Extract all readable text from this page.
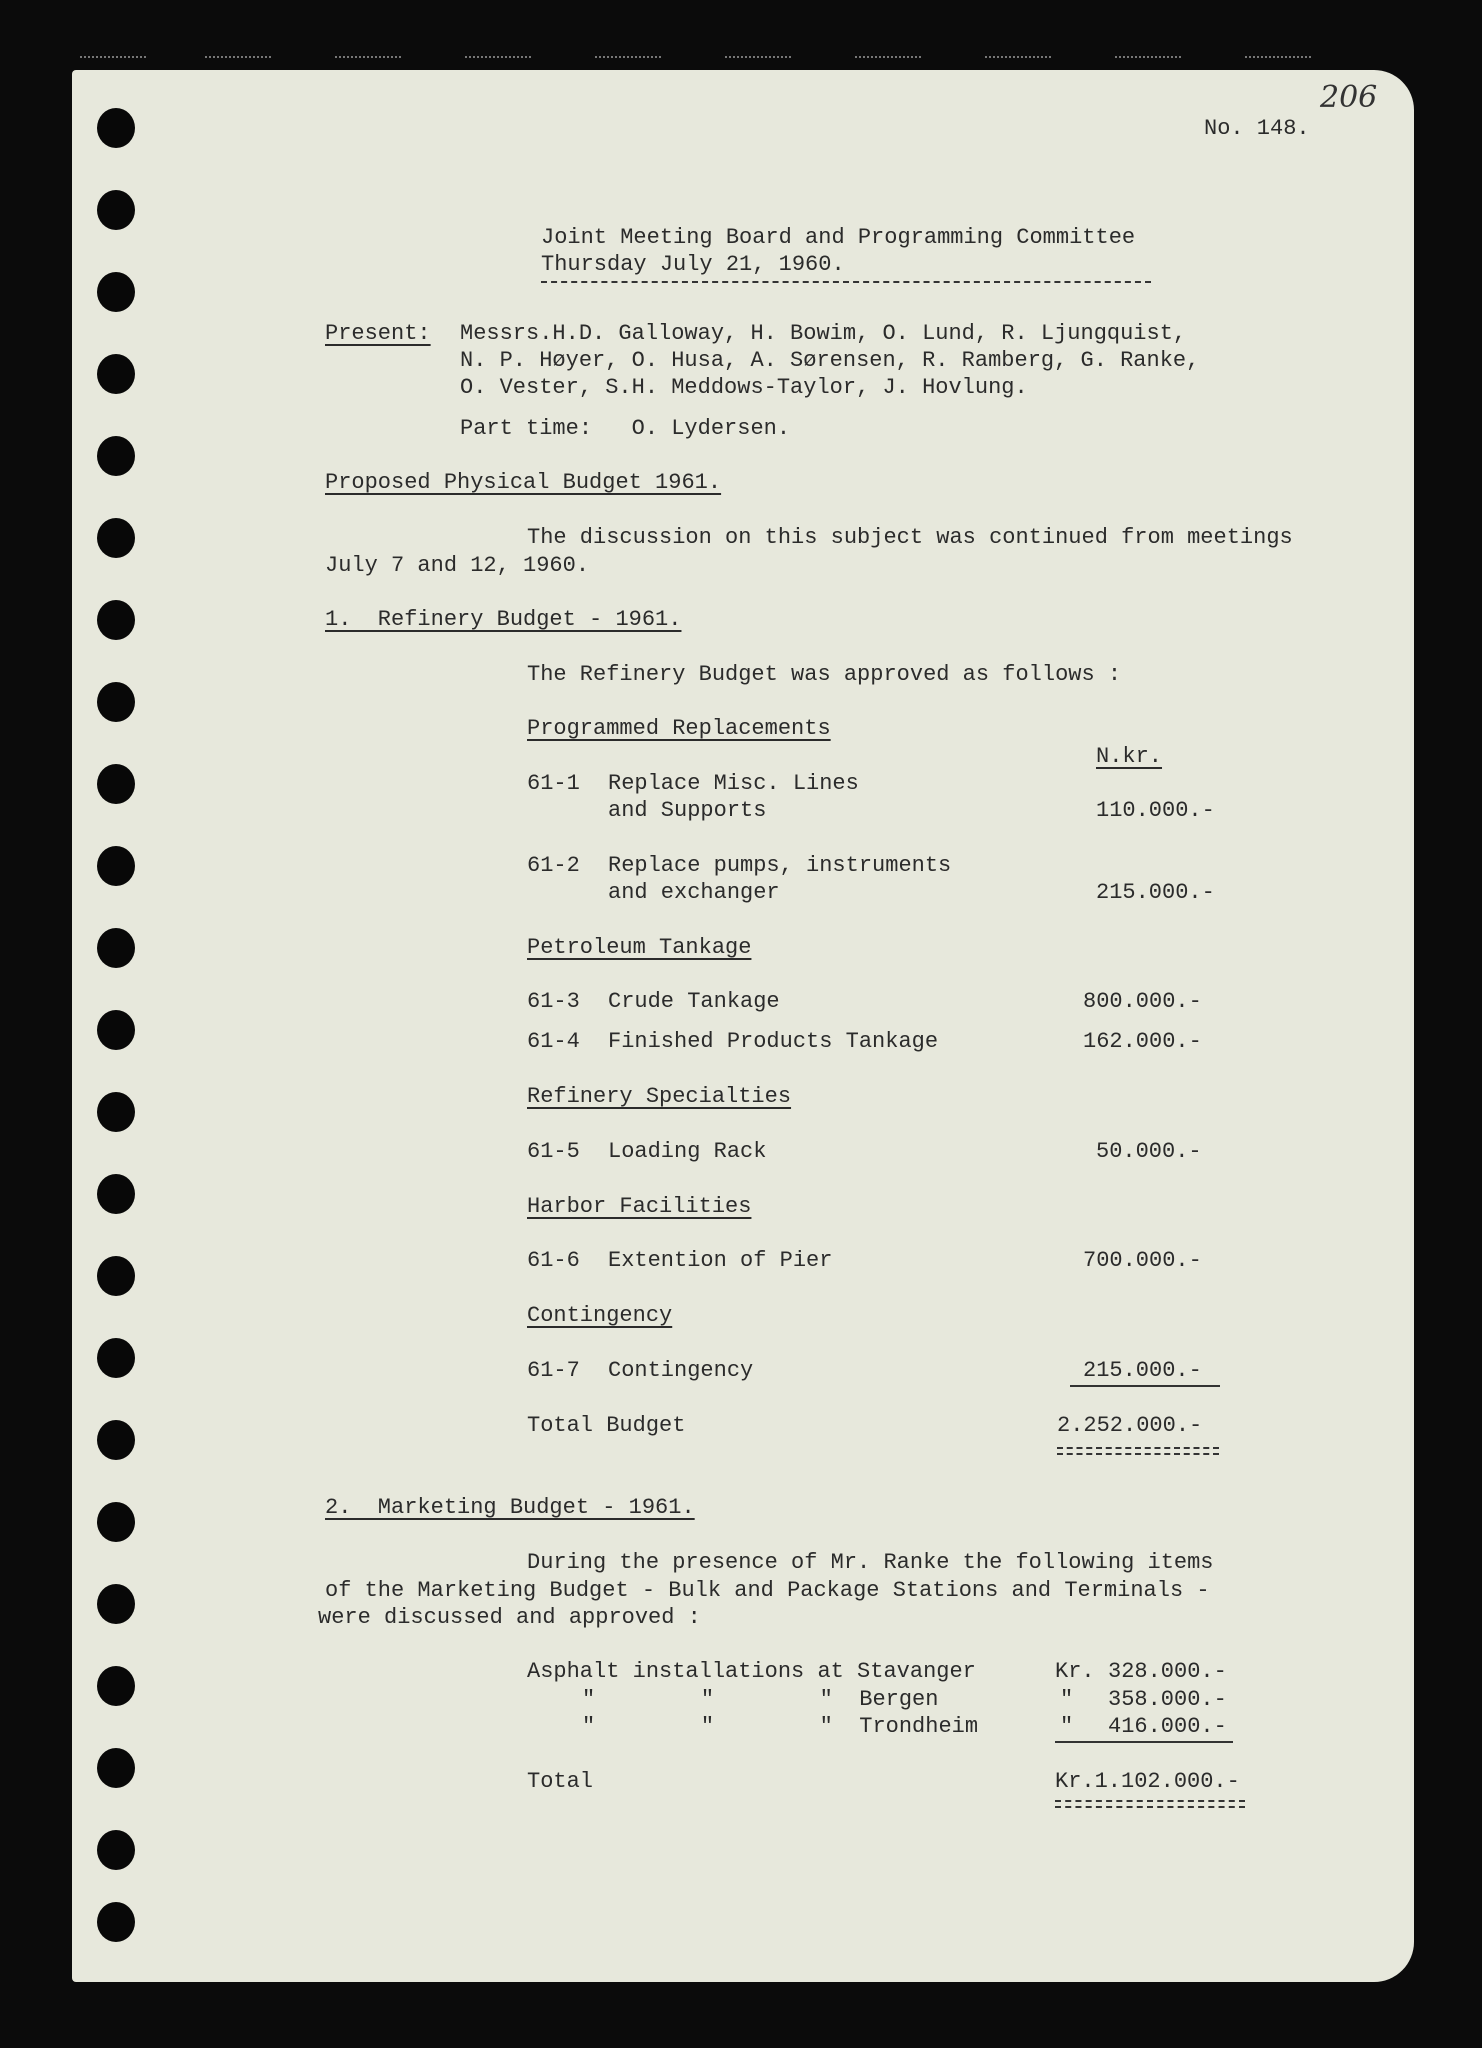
206
No. 148.
Joint Meeting Board and Programming Committee
Thursday July 21, 1960.
Present: Messrs.H.D. Galloway, H. Bowim, O. Lund, R. Ljungquist,
N. P. Høyer, O. Husa, A. Sørensen, R. Ramberg, G. Ranke,
O. Vester, S.H. Meddows-Taylor, J. Hovlung.
Part time:   O. Lydersen.
Proposed Physical Budget 1961.
The discussion on this subject was continued from meetings
July 7 and 12, 1960.
1.  Refinery Budget - 1961.
The Refinery Budget was approved as follows :
Programmed Replacements
N.kr.
61-1 Replace Misc. Lines
and Supports	110.000.-
61-2 Replace pumps, instruments
and exchanger	215.000.-
Petroleum Tankage
61-3 Crude Tankage	800.000.-
61-4 Finished Products Tankage	162.000.-
Refinery Specialties
61-5 Loading Rack	50.000.-
Harbor Facilities
61-6 Extention of Pier	700.000.-
Contingency
61-7 Contingency	215.000.-
Total Budget	2.252.000.-
2.  Marketing Budget - 1961.
During the presence of Mr. Ranke the following items
of the Marketing Budget - Bulk and Package Stations and Terminals -
were discussed and approved :
Asphalt installations at Stavanger	Kr. 328.000.-
"        "        "  Bergen	" 358.000.-
"        "        "  Trondheim	" 416.000.-
Total	Kr.1.102.000.-
